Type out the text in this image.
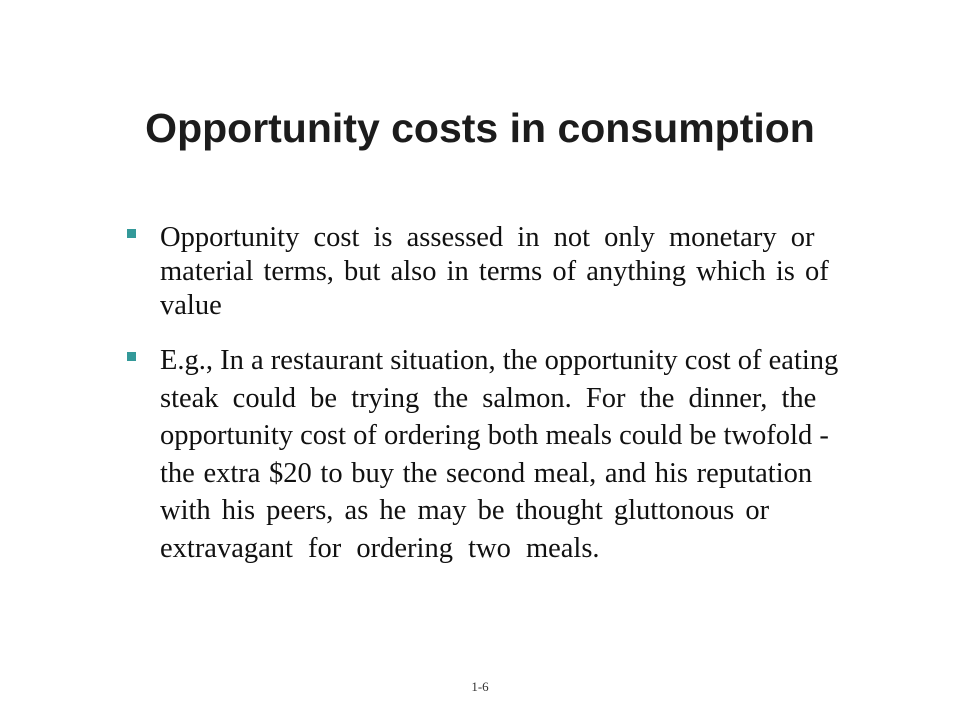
Opportunity costs in consumption
Opportunity cost is assessed in not only monetary or
material terms, but also in terms of anything which is of
value
E.g., In a restaurant situation, the opportunity cost of eating
steak could be trying the salmon. For the dinner, the
opportunity cost of ordering both meals could be twofold -
the extra $20 to buy the second meal, and his reputation
with his peers, as he may be thought gluttonous or
extravagant for ordering two meals.
1-6
